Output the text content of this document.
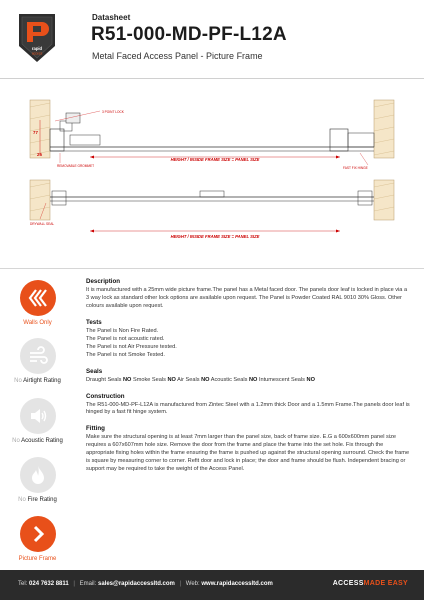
rapid
access
Datasheet
R51-000-MD-PF-L12A
Metal Faced Access Panel - Picture Frame
3 POINT LOCK
77
25
REMOVABLE GROMMET
HEIGHT / INSIDE FRAME SIZE = PANEL SIZE
FAST FIX HINGE
DRYWALL SEAL
HEIGHT / INSIDE FRAME SIZE = PANEL SIZE
Walls Only
No Airtight Rating
No Acoustic Rating
No Fire Rating
Picture Frame
Description

It is manufactured with a 25mm wide picture frame.The panel has a Metal faced door. The panels door leaf is locked in place via a 3 way lock as standard other lock options are available upon request. The Panel is Powder Coated RAL 9010 30% Gloss. Other colours available upon request.

Tests
The Panel is Non Fire Rated.
The Panel is not acoustic rated.
The Panel is not Air Pressure tested.
The Panel is not Smoke Tested.
Seals

Draught Seals NO Smoke Seals NO Air Seals NO Acoustic Seals NO Intumescent Seals NO

Construction

The R51-000-MD-PF-L12A is manufactured from Zintec Steel with a 1.2mm thick Door and a 1.5mm Frame.The panels door leaf is hinged by a fast fit hinge system.

Fitting

Make sure the structural opening is at least 7mm larger than the panel size, back of frame size. E.G a 600x600mm panel size requires a 607x607mm hole size. Remove the door from the frame and place the frame into the set hole. Fix through the appropriate fixing holes within the frame ensuring the frame is pushed up against the structural opening surround. Check the frame is square by measuring corner to corner. Refit door and lock in place; the door and frame should be flush. Independent bracing or support may be required to take the weight of the Access Panel.

Tel: 024 7632 8811 | Email: sales@rapidaccessltd.com | Web: www.rapidaccessltd.com	ACCESSMADE EASY
